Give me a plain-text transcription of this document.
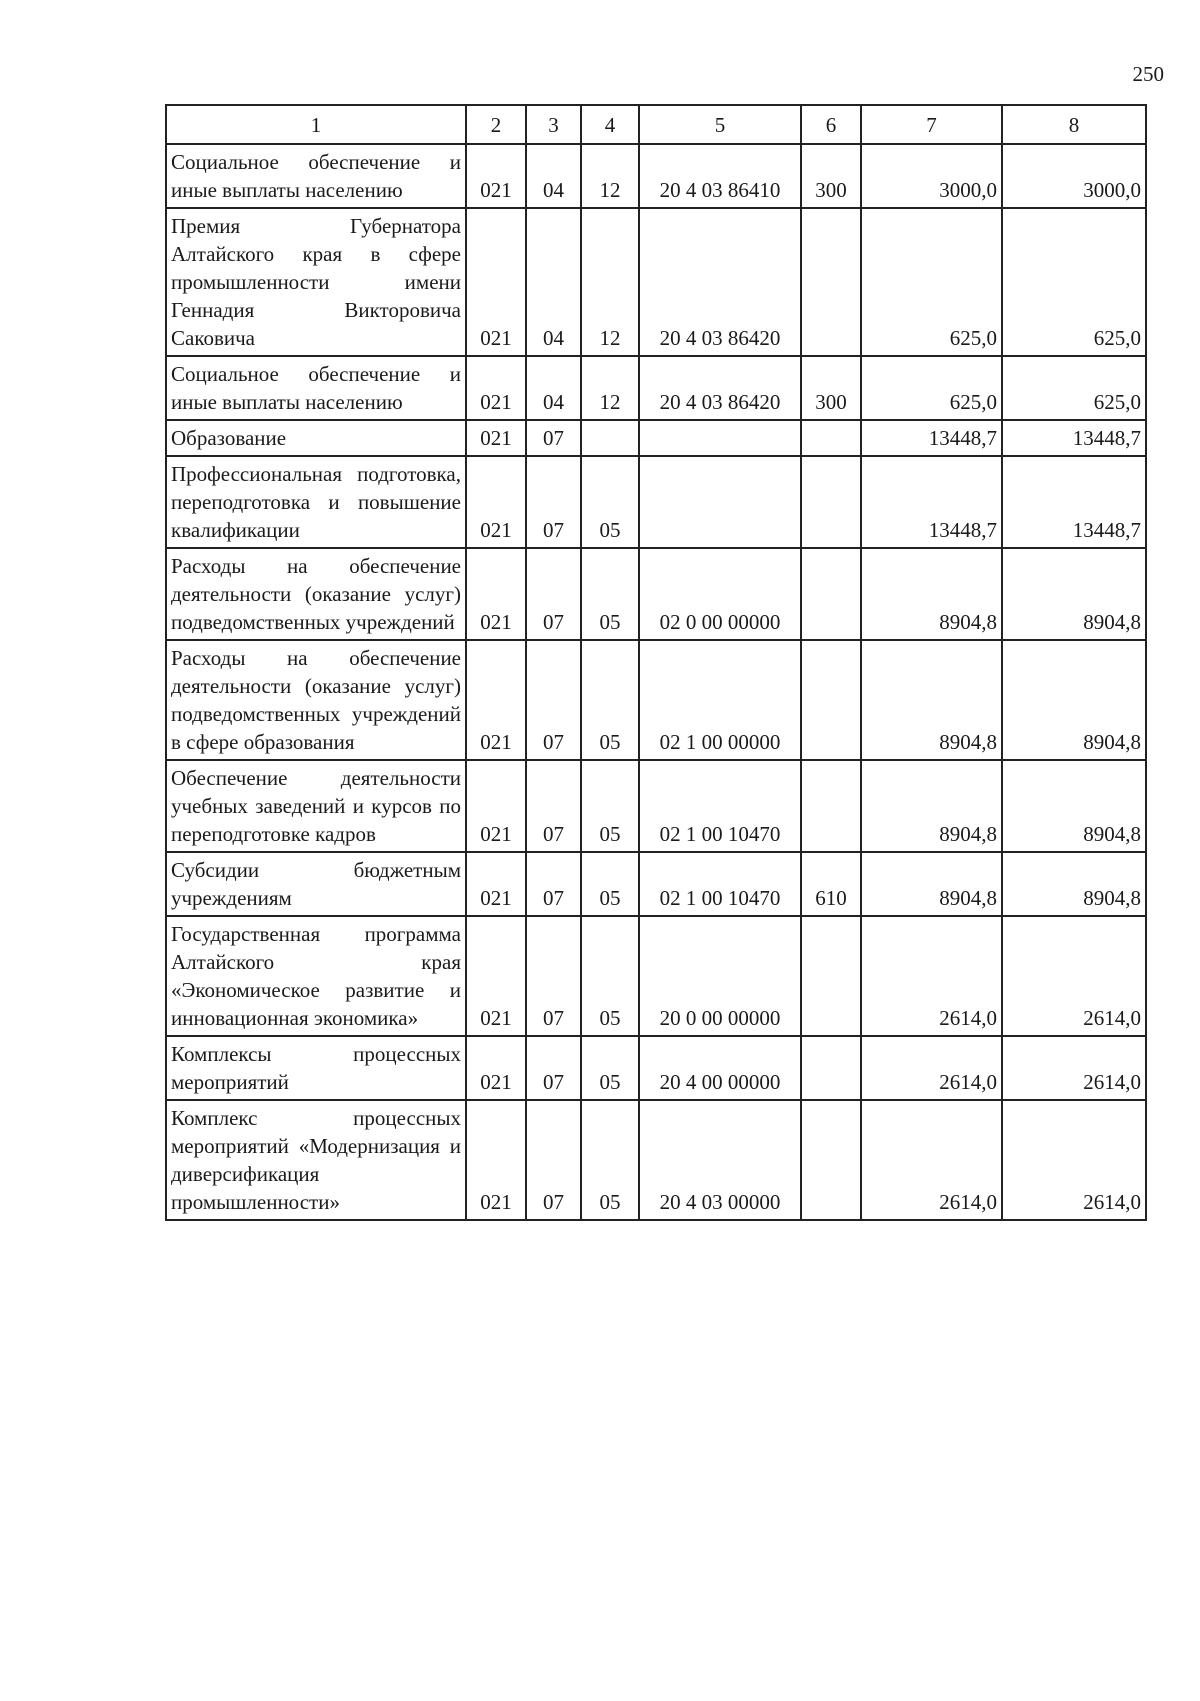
250
1	2	3	4	5	6	7	8
Социальное обеспечение и иные выплаты населению	021	04	12	20 4 03 86410	300	3000,0	3000,0
Премия Губернатора Алтайского края в сфере промышленности имени Геннадия Викторовича Саковича	021	04	12	20 4 03 86420		625,0	625,0
Социальное обеспечение и иные выплаты населению	021	04	12	20 4 03 86420	300	625,0	625,0
Образование	021	07				13448,7	13448,7
Профессиональная подготовка, переподготовка и повышение квалификации	021	07	05			13448,7	13448,7
Расходы на обеспечение деятельности (оказание услуг) подведомственных учреждений	021	07	05	02 0 00 00000		8904,8	8904,8
Расходы на обеспечение деятельности (оказание услуг) подведомственных учреждений в сфере образования	021	07	05	02 1 00 00000		8904,8	8904,8
Обеспечение деятельности учебных заведений и курсов по переподготовке кадров	021	07	05	02 1 00 10470		8904,8	8904,8
Субсидии бюджетным учреждениям	021	07	05	02 1 00 10470	610	8904,8	8904,8
Государственная программа Алтайского края «Экономическое развитие и инновационная экономика»	021	07	05	20 0 00 00000		2614,0	2614,0
Комплексы процессных мероприятий	021	07	05	20 4 00 00000		2614,0	2614,0
Комплекс процессных мероприятий «Модернизация и диверсификация промышленности»	021	07	05	20 4 03 00000		2614,0	2614,0
